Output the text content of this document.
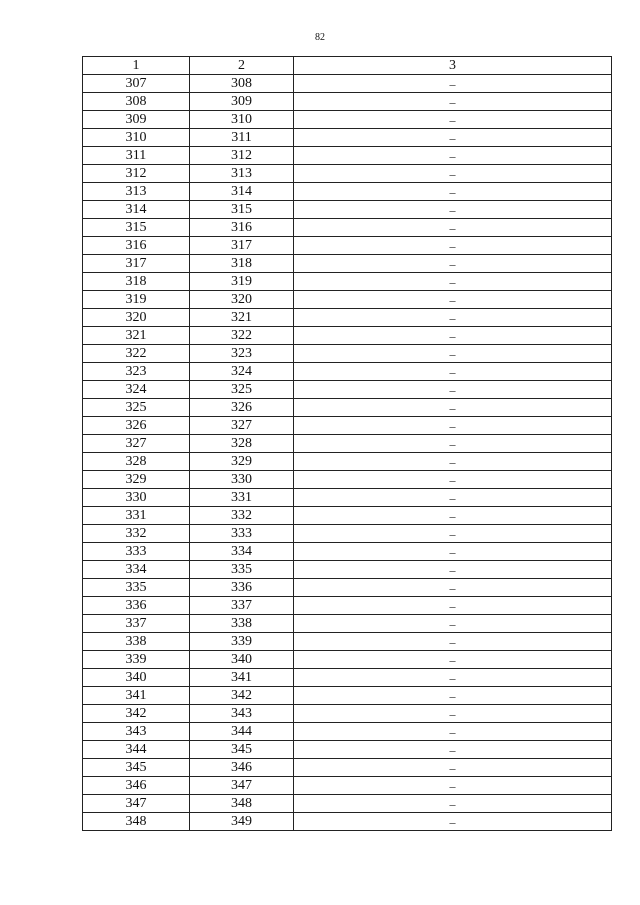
82
1	2	3
307	308	–
308	309	–
309	310	–
310	311	–
311	312	–
312	313	–
313	314	–
314	315	–
315	316	–
316	317	–
317	318	–
318	319	–
319	320	–
320	321	–
321	322	–
322	323	–
323	324	–
324	325	–
325	326	–
326	327	–
327	328	–
328	329	–
329	330	–
330	331	–
331	332	–
332	333	–
333	334	–
334	335	–
335	336	–
336	337	–
337	338	–
338	339	–
339	340	–
340	341	–
341	342	–
342	343	–
343	344	–
344	345	–
345	346	–
346	347	–
347	348	–
348	349	–
